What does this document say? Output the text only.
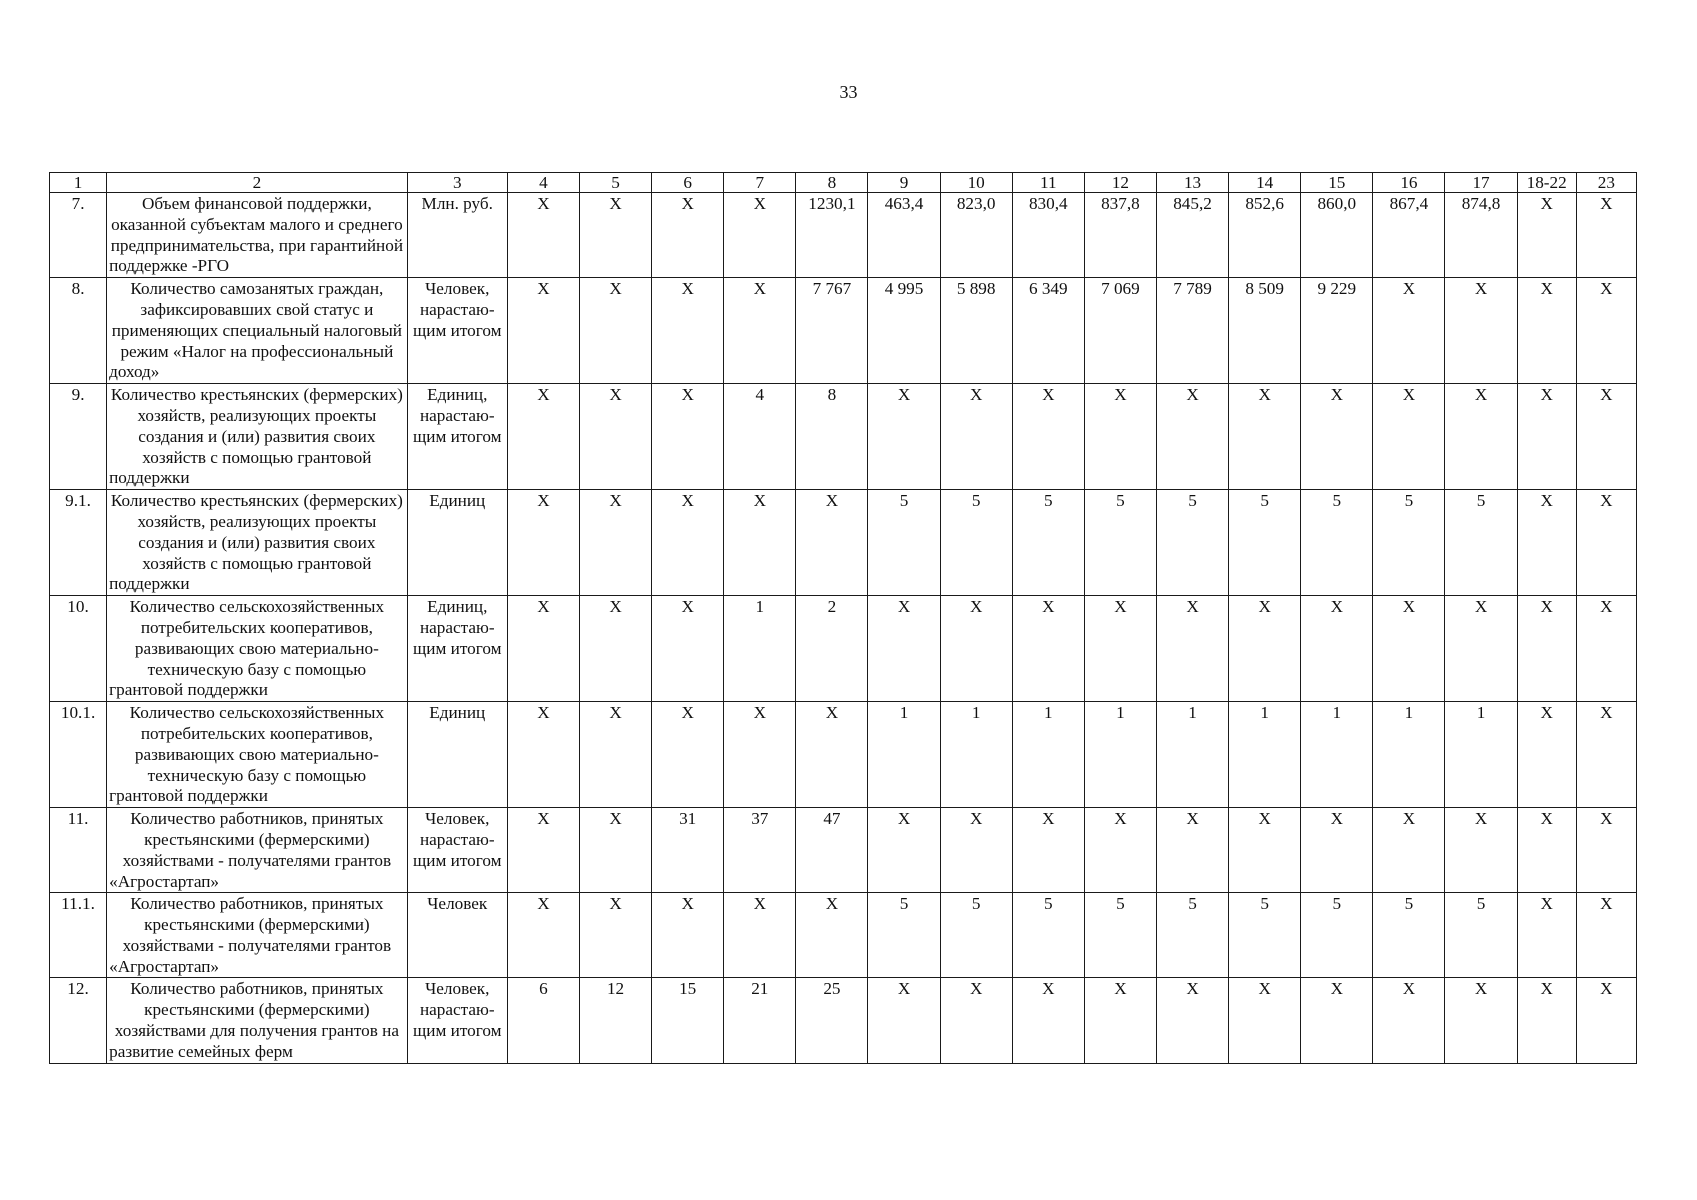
33
1	2	3	4	5	6	7	8	9	10	11	12	13	14	15	16	17	18-22	23
7.	Объем финансовой поддержки, оказанной субъектам малого и среднего предпринимательства, при гарантийной поддержке -РГО	Млн. руб.	Х	Х	Х	Х	1230,1	463,4	823,0	830,4	837,8	845,2	852,6	860,0	867,4	874,8	Х	Х
8.	Количество самозанятых граждан, зафиксировавших свой статус и применяющих специальный налоговый режим «Налог на профессиональный доход»	Человек, нарастаю-щим итогом	Х	Х	Х	Х	7 767	4 995	5 898	6 349	7 069	7 789	8 509	9 229	Х	Х	Х	Х
9.	Количество крестьянских (фермерских) хозяйств, реализующих проекты создания и (или) развития своих хозяйств с помощью грантовой поддержки	Единиц, нарастаю-щим итогом	Х	Х	Х	4	8	Х	Х	Х	Х	Х	Х	Х	Х	Х	Х	Х
9.1.	Количество крестьянских (фермерских) хозяйств, реализующих проекты создания и (или) развития своих хозяйств с помощью грантовой поддержки	Единиц	Х	Х	Х	Х	Х	5	5	5	5	5	5	5	5	5	Х	Х
10.	Количество сельскохозяйственных потребительских кооперативов, развивающих свою материально-техническую базу с помощью грантовой поддержки	Единиц, нарастаю-щим итогом	Х	Х	Х	1	2	Х	Х	Х	Х	Х	Х	Х	Х	Х	Х	Х
10.1.	Количество сельскохозяйственных потребительских кооперативов, развивающих свою материально-техническую базу с помощью грантовой поддержки	Единиц	Х	Х	Х	Х	Х	1	1	1	1	1	1	1	1	1	Х	Х
11.	Количество работников, принятых крестьянскими (фермерскими) хозяйствами - получателями грантов «Агростартап»	Человек, нарастаю-щим итогом	Х	Х	31	37	47	Х	Х	Х	Х	Х	Х	Х	Х	Х	Х	Х
11.1.	Количество работников, принятых крестьянскими (фермерскими) хозяйствами - получателями грантов «Агростартап»	Человек	Х	Х	Х	Х	Х	5	5	5	5	5	5	5	5	5	Х	Х
12.	Количество работников, принятых крестьянскими (фермерскими) хозяйствами для получения грантов на развитие семейных ферм	Человек, нарастаю-щим итогом	6	12	15	21	25	Х	Х	Х	Х	Х	Х	Х	Х	Х	Х	Х
